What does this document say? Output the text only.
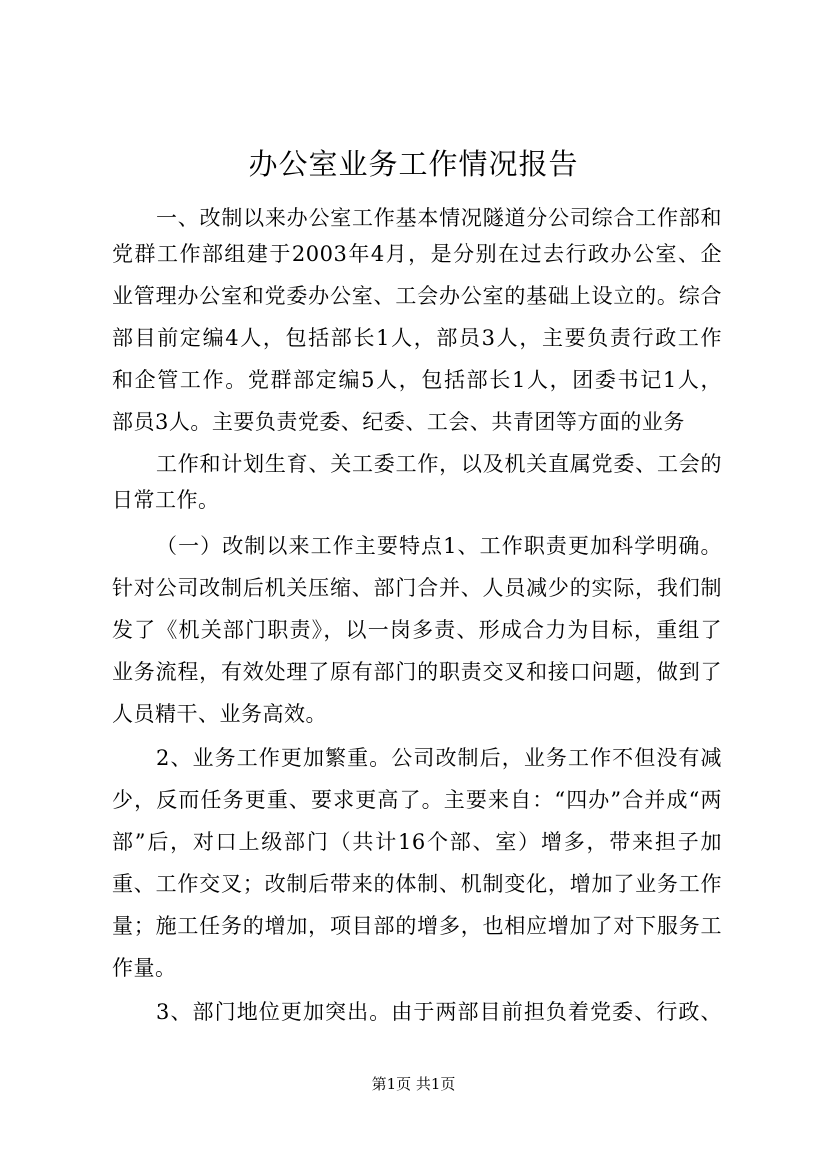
办公室业务工作情况报告
一、改制以来办公室工作基本情况隧道分公司综合工作部和
党群工作部组建于2003年4月，是分别在过去行政办公室、企
业管理办公室和党委办公室、工会办公室的基础上设立的。综合
部目前定编4人，包括部长1人，部员3人，主要负责行政工作
和企管工作。党群部定编5人，包括部长1人，团委书记1人，
部员3人。主要负责党委、纪委、工会、共青团等方面的业务
工作和计划生育、关工委工作，以及机关直属党委、工会的
日常工作。
（一）改制以来工作主要特点1、工作职责更加科学明确。
针对公司改制后机关压缩、部门合并、人员减少的实际，我们制
发了《机关部门职责》，以一岗多责、形成合力为目标，重组了
业务流程，有效处理了原有部门的职责交叉和接口问题，做到了
人员精干、业务高效。
2、业务工作更加繁重。公司改制后，业务工作不但没有减
少，反而任务更重、要求更高了。主要来自：“四办”合并成“两
部”后，对口上级部门（共计16个部、室）增多，带来担子加
重、工作交叉；改制后带来的体制、机制变化，增加了业务工作
量；施工任务的增加，项目部的增多，也相应增加了对下服务工
作量。
3、部门地位更加突出。由于两部目前担负着党委、行政、
第1页 共1页
